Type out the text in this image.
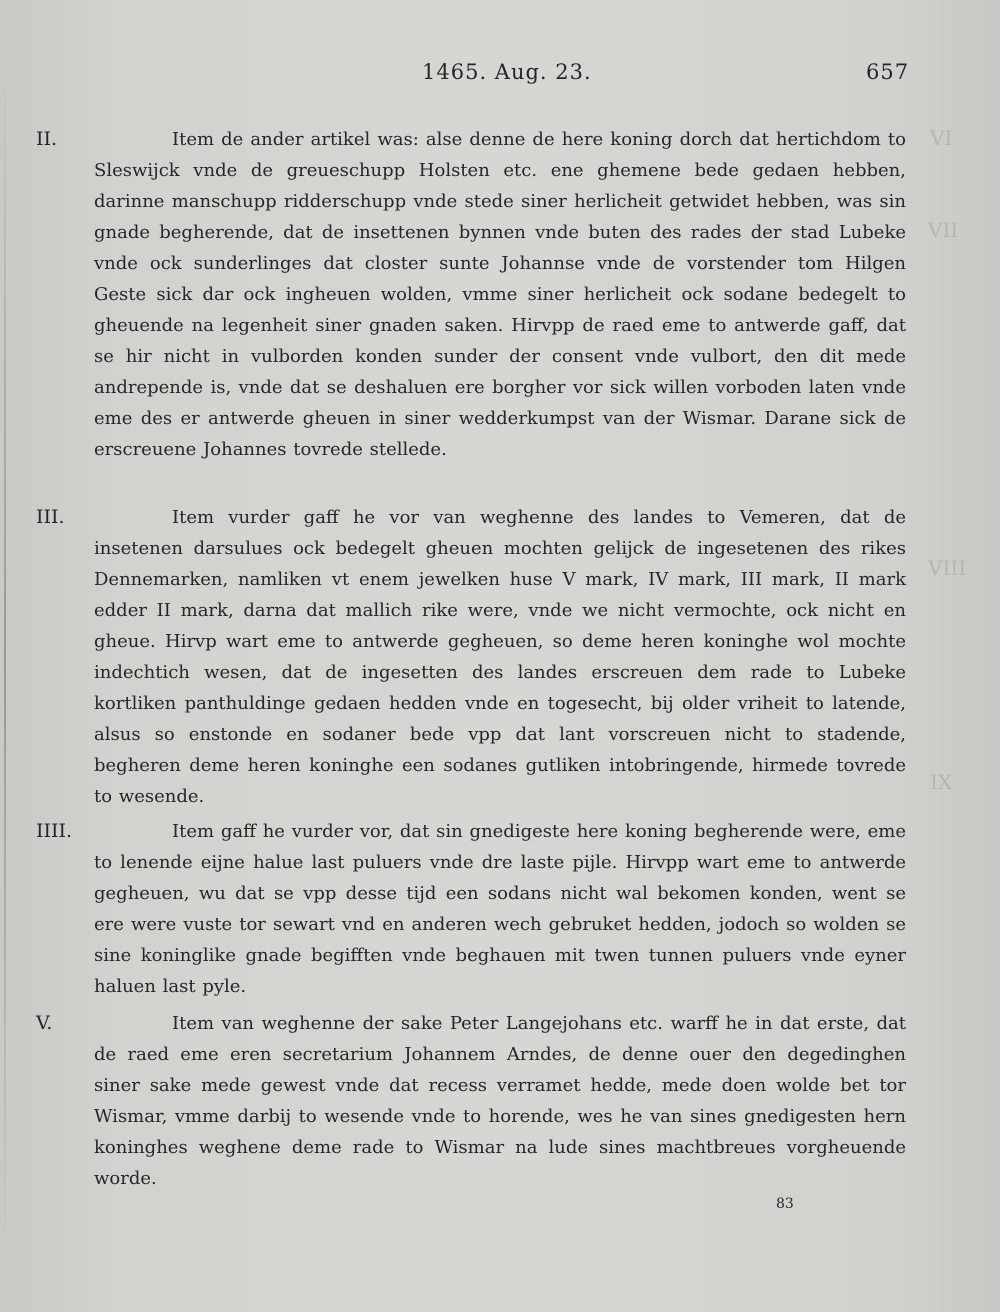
VI
VII
VIII
IX
1465. Aug. 23.	657
II.	Item de ander artikel was: alse denne de here koning dorch dat hertichdom to Sleswijck vnde de greueschupp Holsten etc. ene ghemene bede gedaen hebben, darinne manschupp ridderschupp vnde stede siner herlicheit getwidet hebben, was sin gnade begherende, dat de insettenen bynnen vnde buten des rades der stad Lubeke vnde ock sunderlinges dat closter sunte Johannse vnde de vorstender tom Hilgen Geste sick dar ock ingheuen wolden, vmme siner herlicheit ock sodane bedegelt to gheuende na legenheit siner gnaden saken. Hirvpp de raed eme to antwerde gaff, dat se hir nicht in vulborden konden sunder der consent vnde vulbort, den dit mede andrepende is, vnde dat se deshaluen ere borgher vor sick willen vorboden laten vnde eme des er antwerde gheuen in siner wedderkumpst van der Wismar. Darane sick de erscreuene Johannes tovrede stellede.
III.	Item vurder gaff he vor van weghenne des landes to Vemeren, dat de insetenen darsulues ock bedegelt gheuen mochten gelijck de ingesetenen des rikes Dennemarken, namliken vt enem jewelken huse V mark, IV mark, III mark, II mark edder II mark, darna dat mallich rike were, vnde we nicht vermochte, ock nicht en gheue. Hirvp wart eme to antwerde gegheuen, so deme heren koninghe wol mochte indechtich wesen, dat de ingesetten des landes erscreuen dem rade to Lubeke kortliken panthuldinge gedaen hedden vnde en togesecht, bij older vriheit to latende, alsus so enstonde en sodaner bede vpp dat lant vorscreuen nicht to stadende, begheren deme heren koninghe een sodanes gutliken intobringende, hirmede tovrede to wesende.
IIII.	Item gaff he vurder vor, dat sin gnedigeste here koning begherende were, eme to lenende eijne halue last puluers vnde dre laste pijle. Hirvpp wart eme to antwerde gegheuen, wu dat se vpp desse tijd een sodans nicht wal bekomen konden, went se ere were vuste tor sewart vnd en anderen wech gebruket hedden, jodoch so wolden se sine koninglike gnade begifften vnde beghauen mit twen tunnen puluers vnde eyner haluen last pyle.
V.	Item van weghenne der sake Peter Langejohans etc. warff he in dat erste, dat de raed eme eren secretarium Johannem Arndes, de denne ouer den degedinghen siner sake mede gewest vnde dat recess verramet hedde, mede doen wolde bet tor Wismar, vmme darbij to wesende vnde to horende, wes he van sines gnedigesten hern koninghes weghene deme rade to Wismar na lude sines machtbreues vorgheuende worde.
83
